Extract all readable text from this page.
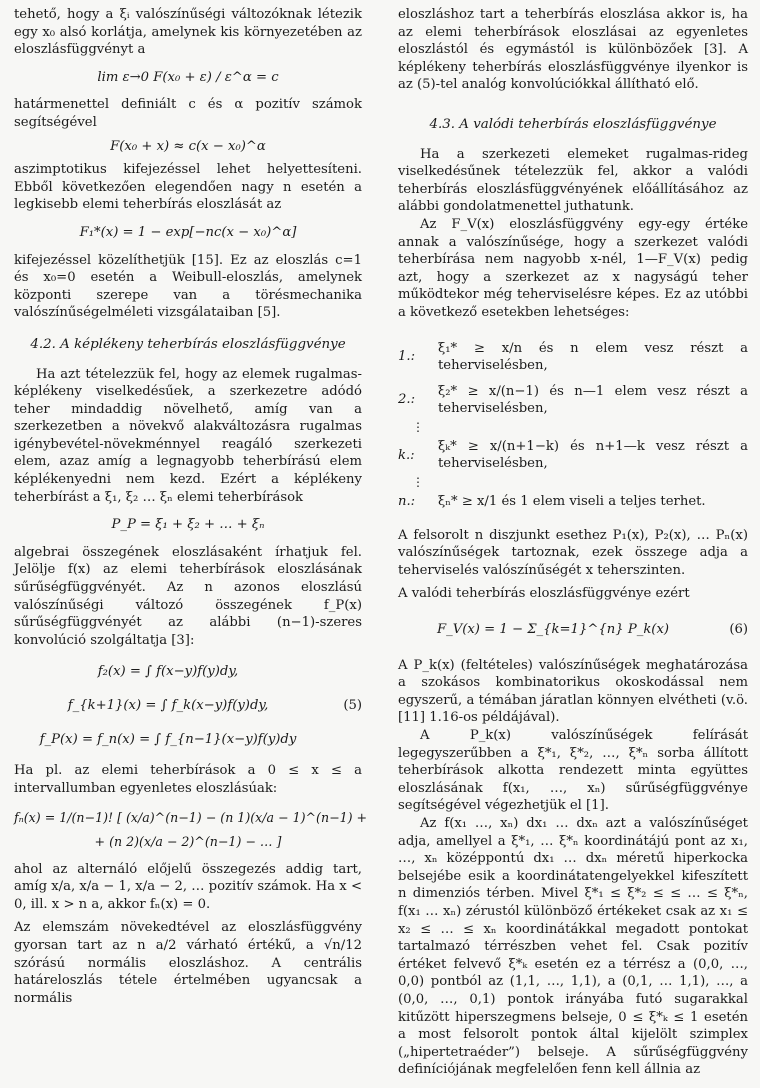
tehető, hogy a ξᵢ valószínűségi változóknak létezik egy x₀ alsó korlátja, amelynek kis környezetében az eloszlásfüggvényt a

lim ε→0 F(x₀ + ε) / ε^α = c

határmenettel definiált c és α pozitív számok segítségével

F(x₀ + x) ≈ c(x − x₀)^α

aszimptotikus kifejezéssel lehet helyettesíteni. Ebből következően elegendően nagy n esetén a legkisebb elemi teherbírás eloszlását az

F₁*(x) = 1 − exp[−nc(x − x₀)^α]

kifejezéssel közelíthetjük [15]. Ez az eloszlás c=1 és x₀=0 esetén a Weibull-eloszlás, amelynek központi szerepe van a törésmechanika valószínűségelméleti vizsgálataiban [5].

4.2. A képlékeny teherbírás eloszlásfüggvénye

Ha azt tételezzük fel, hogy az elemek rugalmas-képlékeny viselkedésűek, a szerkezetre adódó teher mindaddig növelhető, amíg van a szerkezetben a növekvő alakváltozásra rugalmas igénybevétel-növekménnyel reagáló szerkezeti elem, azaz amíg a legnagyobb teherbírású elem képlékenyedni nem kezd. Ezért a képlékeny teherbírást a ξ₁, ξ₂ … ξₙ elemi teherbírások

P_P = ξ₁ + ξ₂ + … + ξₙ

algebrai összegének eloszlásaként írhatjuk fel. Jelölje f(x) az elemi teherbírások eloszlásának sűrűségfüggvényét. Az n azonos eloszlású valószínűségi változó összegének f_P(x) sűrűségfüggvényét az alábbi (n−1)-szeres konvolúció szolgáltatja [3]:

f₂(x) = ∫ f(x−y)f(y)dy,
f_{k+1}(x) = ∫ f_k(x−y)f(y)dy,	(5)
f_P(x) = f_n(x) = ∫ f_{n−1}(x−y)f(y)dy

Ha pl. az elemi teherbírások a 0 ≤ x ≤ a intervallumban egyenletes eloszlásúak:

fₙ(x) = 1/(n−1)! [ (x/a)^(n−1) − (n 1)(x/a − 1)^(n−1) +
+ (n 2)(x/a − 2)^(n−1) − … ]

ahol az alternáló előjelű összegezés addig tart, amíg x/a, x/a − 1, x/a − 2, … pozitív számok. Ha x < 0, ill. x > n a, akkor fₙ(x) = 0.

Az elemszám növekedtével az eloszlásfüggvény gyorsan tart az n a/2 várható értékű, a √n/12 szórású normális eloszláshoz. A centrális határeloszlás tétele értelmében ugyancsak a normális

eloszláshoz tart a teherbírás eloszlása akkor is, ha az elemi teherbírások eloszlásai az egyenletes eloszlástól és egymástól is különbözőek [3]. A képlékeny teherbírás eloszlásfüggvénye ilyenkor is az (5)-tel analóg konvolúciókkal állítható elő.

4.3. A valódi teherbírás eloszlásfüggvénye

Ha a szerkezeti elemeket rugalmas-rideg viselkedésűnek tételezzük fel, akkor a valódi teherbírás eloszlásfüggvényének előállításához az alábbi gondolatmenettel juthatunk.

Az F_V(x) eloszlásfüggvény egy-egy értéke annak a valószínűsége, hogy a szerkezet valódi teherbírása nem nagyobb x-nél, 1—F_V(x) pedig azt, hogy a szerkezet az x nagyságú teher működtekor még teherviselésre képes. Ez az utóbbi a következő esetekben lehetséges:

1.:
ξ₁* ≥ x/n és n elem vesz részt a teherviselésben,
2.:
ξ₂* ≥ x/(n−1) és n—1 elem vesz részt a teherviselésben,
⋮
k.:
ξₖ* ≥ x/(n+1−k) és n+1—k vesz részt a teherviselésben,
⋮
n.:	ξₙ* ≥ x/1 és 1 elem viseli a teljes terhet.

A felsorolt n diszjunkt esethez P₁(x), P₂(x), … Pₙ(x) valószínűségek tartoznak, ezek összege adja a teherviselés valószínűségét x teherszinten.

A valódi teherbírás eloszlásfüggvénye ezért

F_V(x) = 1 − Σ_{k=1}^{n} P_k(x)	(6)

A P_k(x) (feltételes) valószínűségek meghatározása a szokásos kombinatorikus okoskodással nem egyszerű, a témában járatlan könnyen elvétheti (v.ö. [11] 1.16-os példájával).

A P_k(x) valószínűségek felírását legegyszerűbben a ξ*₁, ξ*₂, …, ξ*ₙ sorba állított teherbírások alkotta rendezett minta együttes eloszlásának f(x₁, …, xₙ) sűrűségfüggvénye segítségével végezhetjük el [1].

Az f(x₁ …, xₙ) dx₁ … dxₙ azt a valószínűséget adja, amellyel a ξ*₁, … ξ*ₙ koordinátájú pont az x₁, …, xₙ középpontú dx₁ … dxₙ méretű hiperkocka belsejébe esik a koordinátatengelyekkel kifeszített n dimenziós térben. Mivel ξ*₁ ≤ ξ*₂ ≤ ≤ … ≤ ξ*ₙ, f(x₁ … xₙ) zérustól különböző értékeket csak az x₁ ≤ x₂ ≤ … ≤ xₙ koordinátákkal megadott pontokat tartalmazó térrészben vehet fel. Csak pozitív értéket felvevő ξ*ₖ esetén ez a térrész a (0,0, …, 0,0) pontból az (1,1, …, 1,1), a (0,1, … 1,1), …, a (0,0, …, 0,1) pontok irányába futó sugarakkal kitűzött hiperszegmens belseje, 0 ≤ ξ*ₖ ≤ 1 esetén a most felsorolt pontok által kijelölt szimplex („hipertetraéder”) belseje. A sűrűségfüggvény definíciójának megfelelően fenn kell állnia az
